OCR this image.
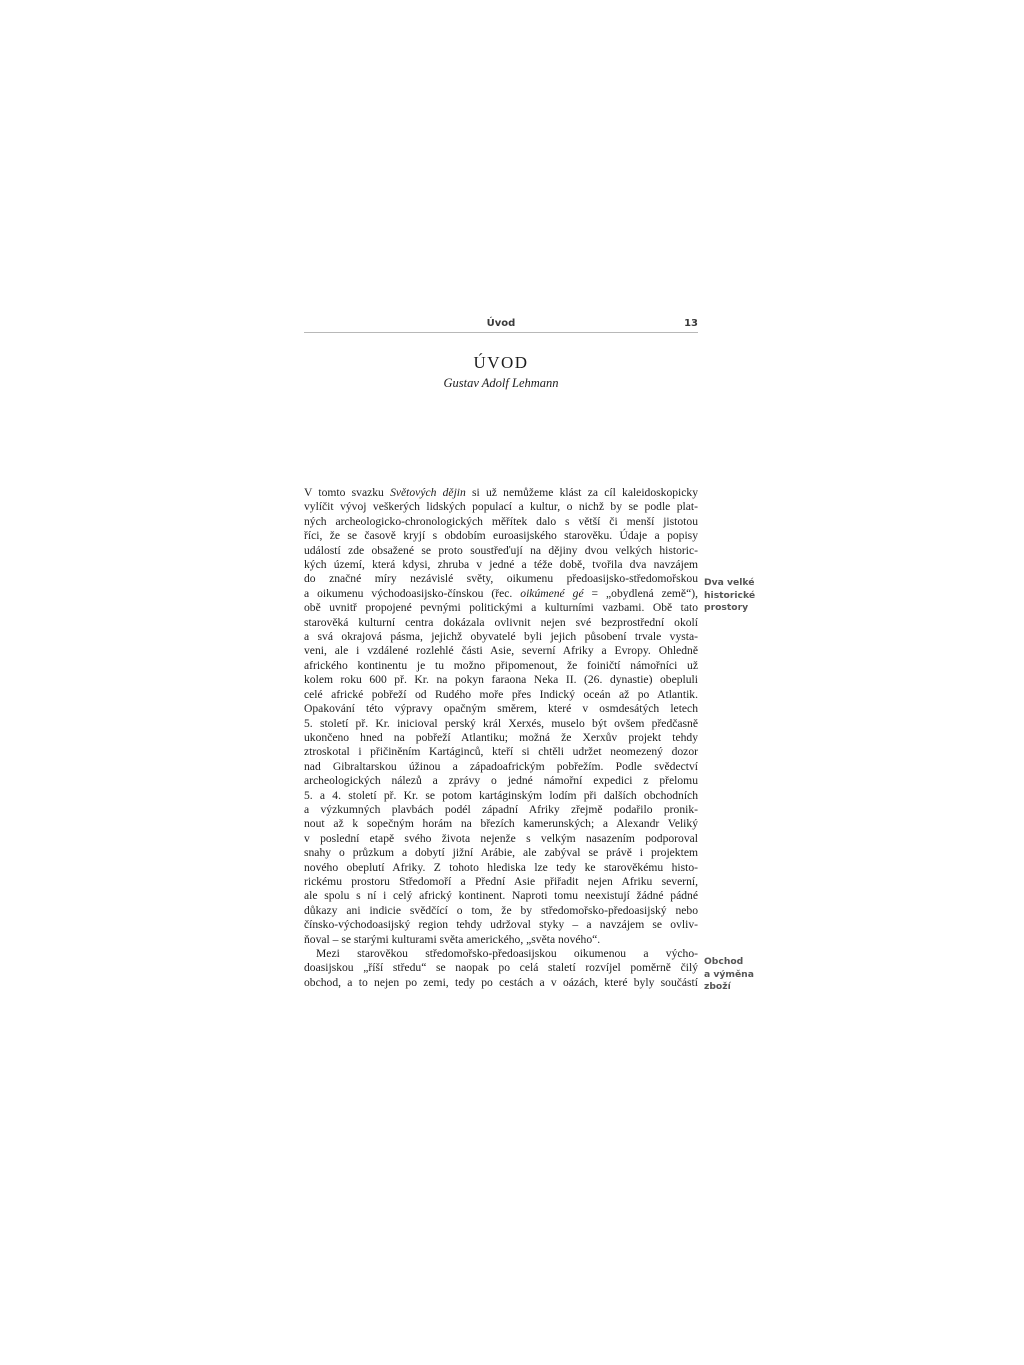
Úvod	13
ÚVOD
Gustav Adolf Lehmann
V tomto svazku Světových dějin si už nemůžeme klást za cíl kaleidoskopicky
vylíčit vývoj veškerých lidských populací a kultur, o nichž by se podle plat-
ných archeologicko-chronologických měřítek dalo s větší či menší jistotou
říci, že se časově kryjí s obdobím euroasijského starověku. Údaje a popisy
událostí zde obsažené se proto soustřeďují na dějiny dvou velkých historic-
kých území, která kdysi, zhruba v jedné a téže době, tvořila dva navzájem
do značné míry nezávislé světy, oikumenu předoasijsko-středomořskou
a oikumenu východoasijsko-čínskou (řec. oikúmené gé = „obydlená země“),
obě uvnitř propojené pevnými politickými a kulturními vazbami. Obě tato
starověká kulturní centra dokázala ovlivnit nejen své bezprostřední okolí
a svá okrajová pásma, jejichž obyvatelé byli jejich působení trvale vysta-
veni, ale i vzdálené rozlehlé části Asie, severní Afriky a Evropy. Ohledně
afrického kontinentu je tu možno připomenout, že foiničtí námořníci už
kolem roku 600 př. Kr. na pokyn faraona Neka II. (26. dynastie) obepluli
celé africké pobřeží od Rudého moře přes Indický oceán až po Atlantik.
Opakování této výpravy opačným směrem, které v osmdesátých letech
5. století př. Kr. inicioval perský král Xerxés, muselo být ovšem předčasně
ukončeno hned na pobřeží Atlantiku; možná že Xerxův projekt tehdy
ztroskotal i přičiněním Kartáginců, kteří si chtěli udržet neomezený dozor
nad Gibraltarskou úžinou a západoafrickým pobřežím. Podle svědectví
archeologických nálezů a zprávy o jedné námořní expedici z přelomu
5. a 4. století př. Kr. se potom kartáginským lodím při dalších obchodních
a výzkumných plavbách podél západní Afriky zřejmě podařilo pronik-
nout až k sopečným horám na březích kamerunských; a Alexandr Veliký
v poslední etapě svého života nejenže s velkým nasazením podporoval
snahy o průzkum a dobytí jižní Arábie, ale zabýval se právě i projektem
nového obeplutí Afriky. Z tohoto hlediska lze tedy ke starověkému histo-
rickému prostoru Středomoří a Přední Asie přiřadit nejen Afriku severní,
ale spolu s ní i celý africký kontinent. Naproti tomu neexistují žádné pádné
důkazy ani indicie svědčící o tom, že by středomořsko-předoasijský nebo
čínsko-východoasijský region tehdy udržoval styky – a navzájem se ovliv-
ňoval – se starými kulturami světa amerického, „světa nového“.
Mezi starověkou středomořsko-předoasijskou oikumenou a výcho-
doasijskou „říší středu“ se naopak po celá staletí rozvíjel poměrně čilý
obchod, a to nejen po zemi, tedy po cestách a v oázách, které byly součástí
Dva velké
historické
prostory
Obchod
a výměna
zboží
